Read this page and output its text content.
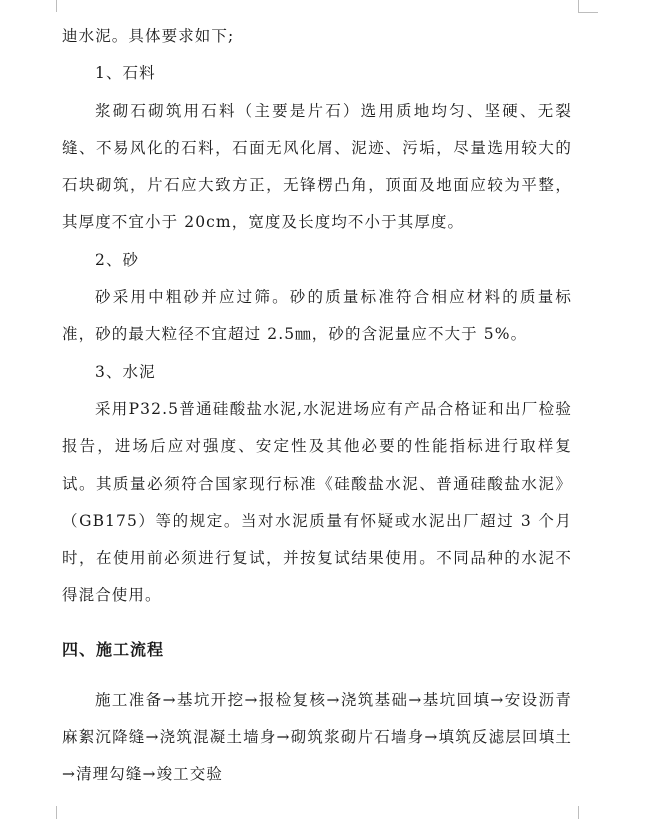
迪水泥。具体要求如下;

1、石料

浆砌石砌筑用石料（主要是片石）选用质地均匀、坚硬、无裂缝、不易风化的石料，石面无风化屑、泥迹、污垢，尽量选用较大的石块砌筑，片石应大致方正，无锋楞凸角，顶面及地面应较为平整，其厚度不宜小于 20cm，宽度及长度均不小于其厚度。

2、砂

砂采用中粗砂并应过筛。砂的质量标准符合相应材料的质量标准，砂的最大粒径不宜超过 2.5㎜，砂的含泥量应不大于 5%。

3、水泥

采用P32.5普通硅酸盐水泥,水泥进场应有产品合格证和出厂检验报告，进场后应对强度、安定性及其他必要的性能指标进行取样复试。其质量必须符合国家现行标准《硅酸盐水泥、普通硅酸盐水泥》（GB175）等的规定。当对水泥质量有怀疑或水泥出厂超过 3 个月时，在使用前必须进行复试，并按复试结果使用。不同品种的水泥不得混合使用。

四、施工流程

施工准备→基坑开挖→报检复核→浇筑基础→基坑回填→安设沥青麻絮沉降缝→浇筑混凝土墙身→砌筑浆砌片石墙身→填筑反滤层回填土→清理勾缝→竣工交验
